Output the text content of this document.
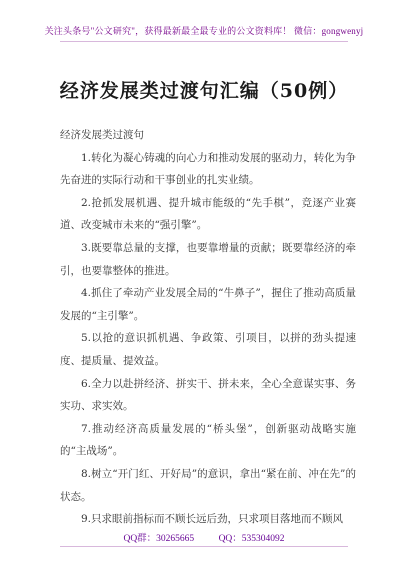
关注头条号"公文研究"，获得最新最全最专业的公文资料库！ 微信：gongwenyj
经济发展类过渡句汇编（50例）

经济发展类过渡句

1.转化为凝心铸魂的向心力和推动发展的驱动力，转化为争先奋进的实际行动和干事创业的扎实业绩。

2.抢抓发展机遇、提升城市能级的“先手棋”，竞逐产业赛道、改变城市未来的“强引擎”。

3.既要靠总量的支撑，也要靠增量的贡献；既要靠经济的牵引，也要靠整体的推进。

4.抓住了牵动产业发展全局的“牛鼻子”，握住了推动高质量发展的“主引擎”。

5.以抢的意识抓机遇、争政策、引项目，以拼的劲头提速度、提质量、提效益。

6.全力以赴拼经济、拼实干、拼未来，全心全意谋实事、务实功、求实效。

7.推动经济高质量发展的“桥头堡”，创新驱动战略实施的“主战场”。

8.树立“开门红、开好局”的意识，拿出“紧在前、冲在先”的状态。

9.只求眼前指标而不顾长远后劲，只求项目落地而不顾风

QQ群：30265665	QQ：535304092
